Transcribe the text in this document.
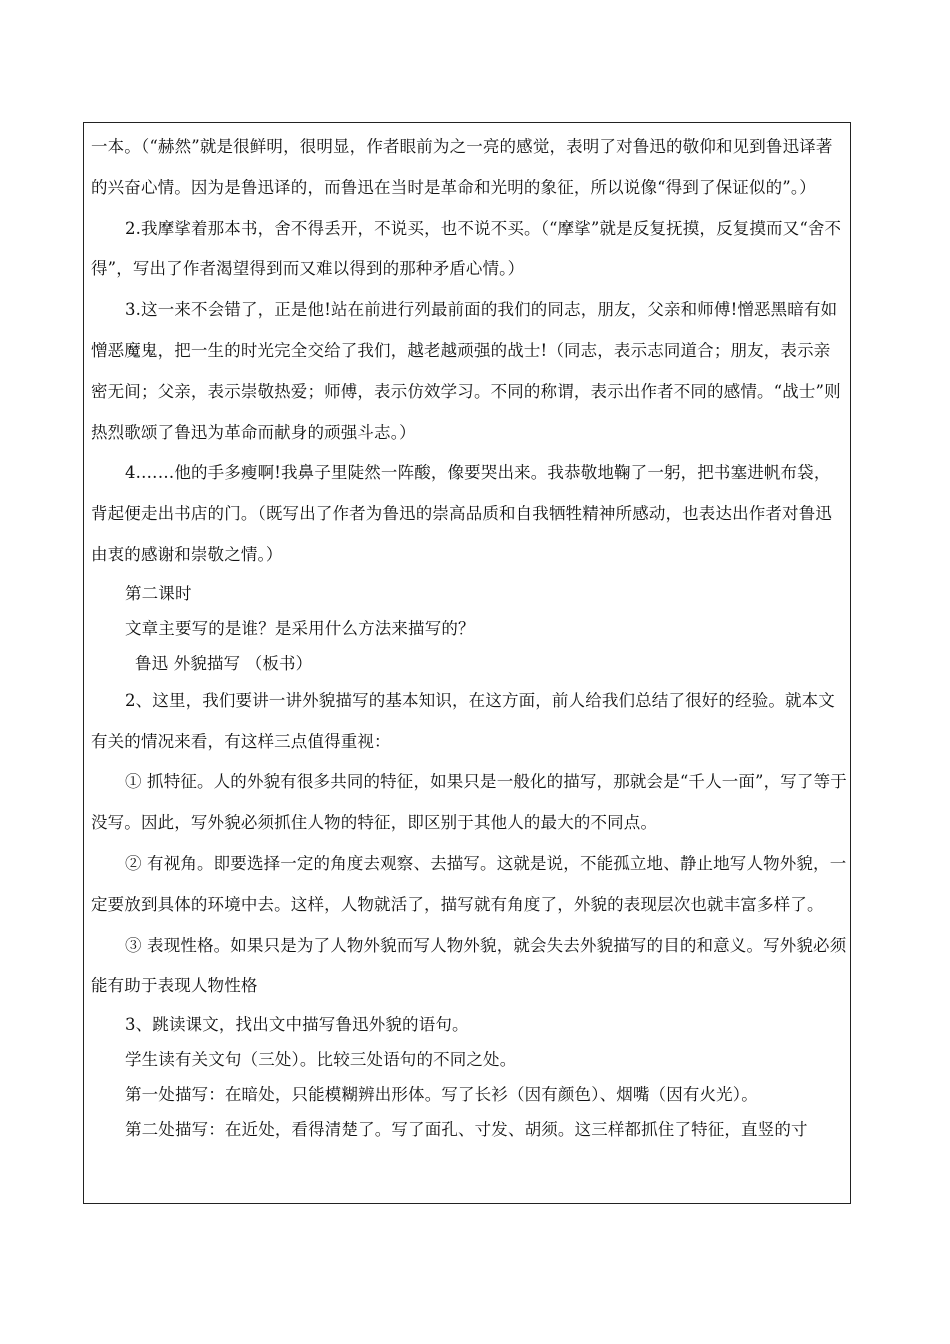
一本。（“赫然”就是很鲜明，很明显，作者眼前为之一亮的感觉，表明了对鲁迅的敬仰和见到鲁迅译著的兴奋心情。因为是鲁迅译的，而鲁迅在当时是革命和光明的象征，所以说像“得到了保证似的”。）

2.我摩挲着那本书，舍不得丢开，不说买，也不说不买。（“摩挲”就是反复抚摸，反复摸而又“舍不得”，写出了作者渴望得到而又难以得到的那种矛盾心情。）

3.这一来不会错了，正是他!站在前进行列最前面的我们的同志，朋友，父亲和师傅!憎恶黑暗有如憎恶魔鬼，把一生的时光完全交给了我们，越老越顽强的战士!（同志，表示志同道合；朋友，表示亲密无间；父亲，表示崇敬热爱；师傅，表示仿效学习。不同的称谓，表示出作者不同的感情。“战士”则热烈歌颂了鲁迅为革命而献身的顽强斗志。）

4.……他的手多瘦啊!我鼻子里陡然一阵酸，像要哭出来。我恭敬地鞠了一躬，把书塞进帆布袋，背起便走出书店的门。（既写出了作者为鲁迅的崇高品质和自我牺牲精神所感动，也表达出作者对鲁迅由衷的感谢和崇敬之情。）

第二课时

文章主要写的是谁？是采用什么方法来描写的？

鲁迅 外貌描写 （板书）

2、这里，我们要讲一讲外貌描写的基本知识，在这方面，前人给我们总结了很好的经验。就本文有关的情况来看，有这样三点值得重视：

① 抓特征。人的外貌有很多共同的特征，如果只是一般化的描写，那就会是“千人一面”，写了等于没写。因此，写外貌必须抓住人物的特征，即区别于其他人的最大的不同点。

② 有视角。即要选择一定的角度去观察、去描写。这就是说，不能孤立地、静止地写人物外貌，一定要放到具体的环境中去。这样，人物就活了，描写就有角度了，外貌的表现层次也就丰富多样了。

③ 表现性格。如果只是为了人物外貌而写人物外貌，就会失去外貌描写的目的和意义。写外貌必须能有助于表现人物性格

3、跳读课文，找出文中描写鲁迅外貌的语句。

学生读有关文句（三处）。比较三处语句的不同之处。

第一处描写：在暗处，只能模糊辨出形体。写了长衫（因有颜色）、烟嘴（因有火光）。

第二处描写：在近处，看得清楚了。写了面孔、寸发、胡须。这三样都抓住了特征，直竖的寸
